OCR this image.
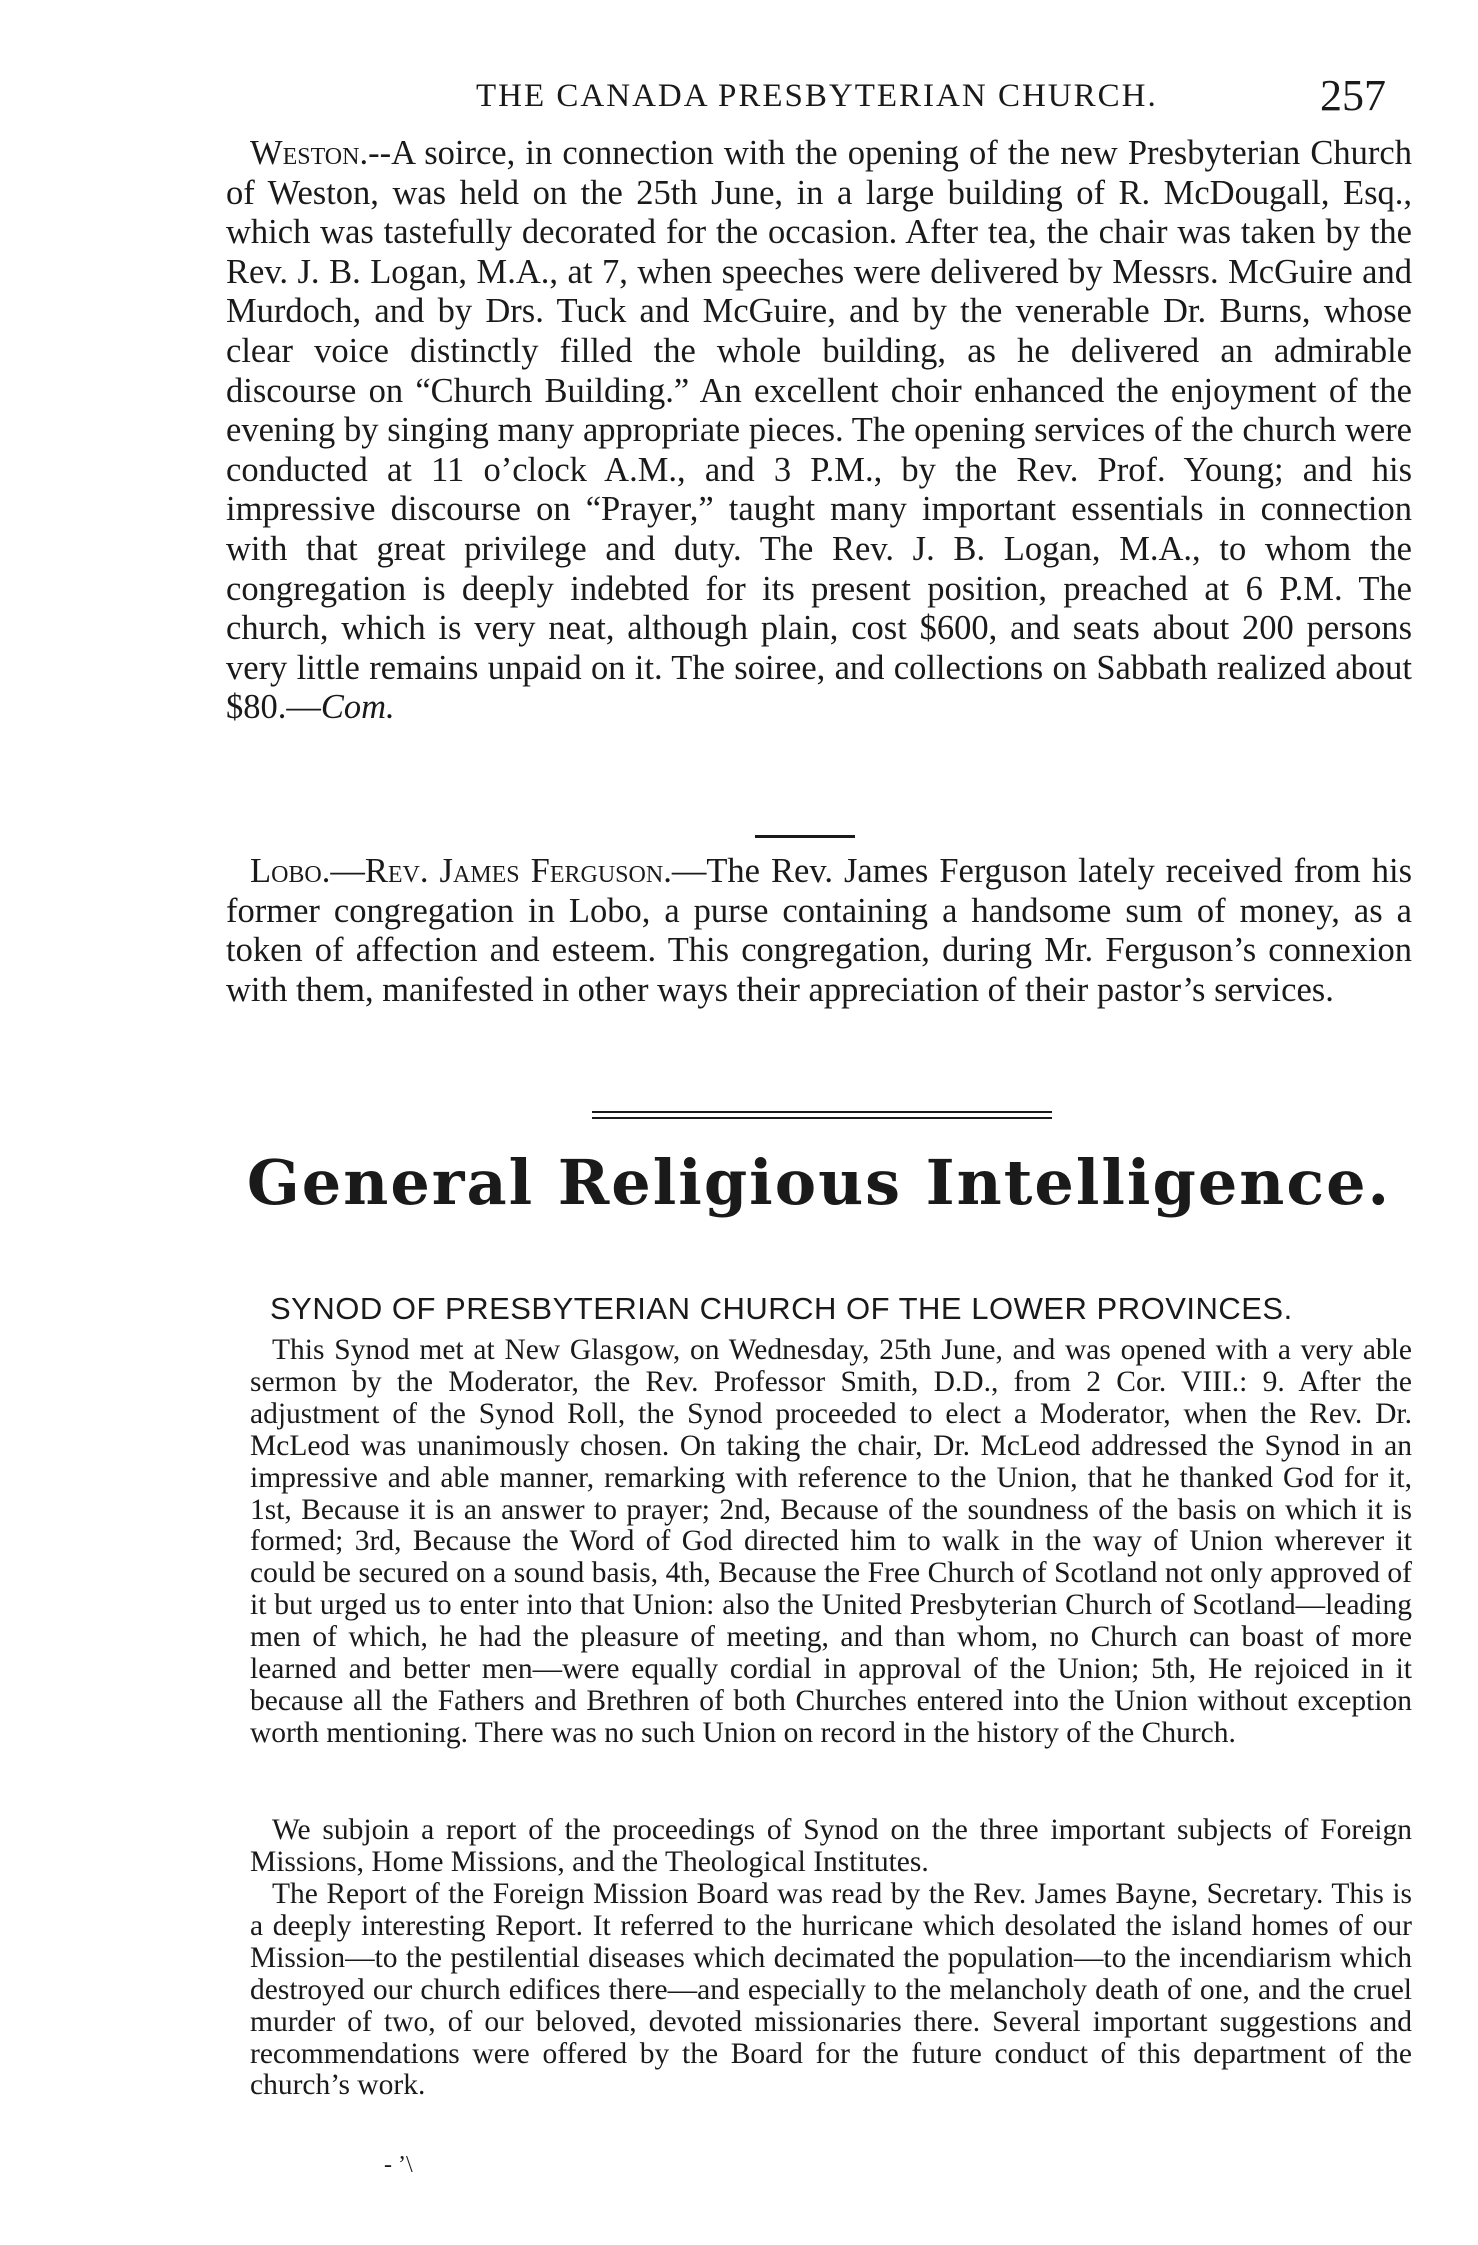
THE CANADA PRESBYTERIAN CHURCH.	257

Weston.--A soirce, in connection with the opening of the new Presbyterian Church of Weston, was held on the 25th June, in a large building of R. McDougall, Esq., which was tastefully decorated for the occasion. After tea, the chair was taken by the Rev. J. B. Logan, M.A., at 7, when speeches were delivered by Messrs. McGuire and Murdoch, and by Drs. Tuck and McGuire, and by the venerable Dr. Burns, whose clear voice distinctly filled the whole building, as he delivered an admirable discourse on “Church Building.” An excellent choir enhanced the enjoyment of the evening by singing many appropriate pieces. The opening services of the church were conducted at 11 o’clock A.M., and 3 P.M., by the Rev. Prof. Young; and his impressive discourse on “Prayer,” taught many important essentials in connection with that great privilege and duty. The Rev. J. B. Logan, M.A., to whom the congregation is deeply indebted for its present position, preached at 6 P.M. The church, which is very neat, although plain, cost $600, and seats about 200 persons very little remains unpaid on it. The soiree, and collections on Sabbath realized about $80.—Com.

Lobo.—Rev. James Ferguson.—The Rev. James Ferguson lately received from his former congregation in Lobo, a purse containing a handsome sum of money, as a token of affection and esteem. This congregation, during Mr. Ferguson’s connexion with them, manifested in other ways their appreciation of their pastor’s services.

General Religious Intelligence.
SYNOD OF PRESBYTERIAN CHURCH OF THE LOWER PROVINCES.

This Synod met at New Glasgow, on Wednesday, 25th June, and was opened with a very able sermon by the Moderator, the Rev. Professor Smith, D.D., from 2 Cor. VIII.: 9. After the adjustment of the Synod Roll, the Synod proceeded to elect a Moderator, when the Rev. Dr. McLeod was unanimously chosen. On taking the chair, Dr. McLeod addressed the Synod in an impressive and able manner, remarking with reference to the Union, that he thanked God for it, 1st, Because it is an answer to prayer; 2nd, Because of the soundness of the basis on which it is formed; 3rd, Because the Word of God directed him to walk in the way of Union wherever it could be secured on a sound basis, 4th, Because the Free Church of Scotland not only approved of it but urged us to enter into that Union: also the United Presbyterian Church of Scotland—leading men of which, he had the pleasure of meeting, and than whom, no Church can boast of more learned and better men—were equally cordial in approval of the Union; 5th, He rejoiced in it because all the Fathers and Brethren of both Churches entered into the Union without exception worth mentioning. There was no such Union on record in the history of the Church.

We subjoin a report of the proceedings of Synod on the three important subjects of Foreign Missions, Home Missions, and the Theological Institutes.

The Report of the Foreign Mission Board was read by the Rev. James Bayne, Secretary. This is a deeply interesting Report. It referred to the hurricane which desolated the island homes of our Mission—to the pestilential diseases which decimated the population—to the incendiarism which destroyed our church edifices there—and especially to the melancholy death of one, and the cruel murder of two, of our beloved, devoted missionaries there. Several important suggestions and recommendations were offered by the Board for the future conduct of this department of the church’s work.

- ’\
